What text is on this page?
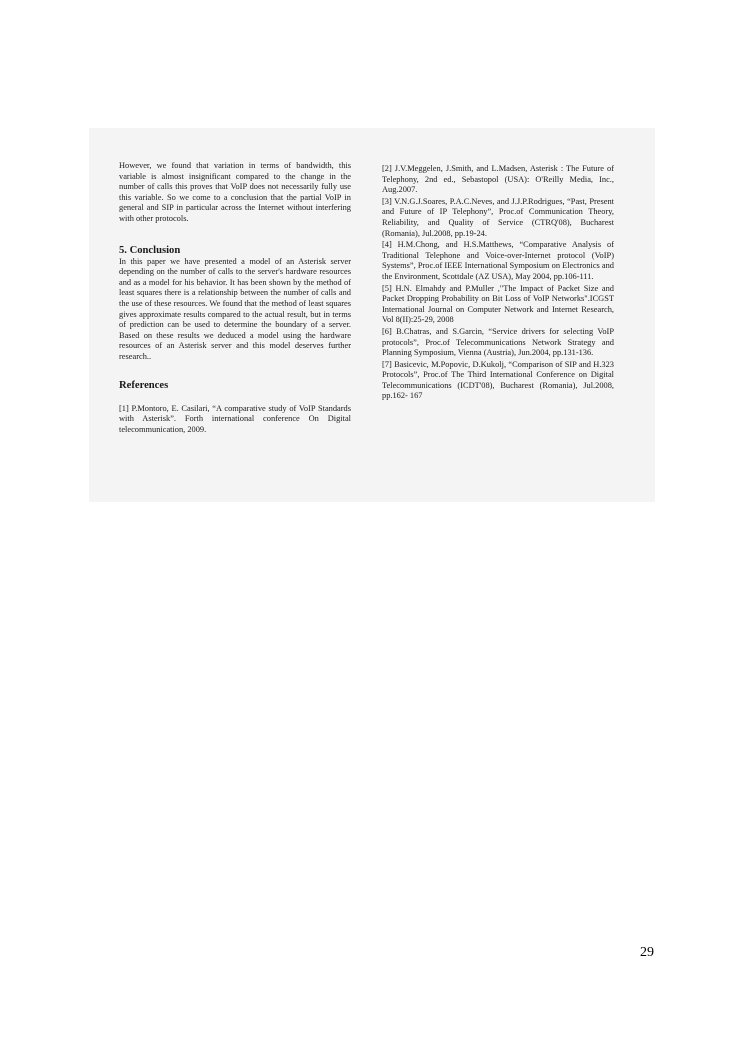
However, we found that variation in terms of bandwidth, this variable is almost insignificant compared to the change in the number of calls this proves that VoIP does not necessarily fully use this variable. So we come to a conclusion that the partial VoIP in general and SIP in particular across the Internet without interfering with other protocols.

5. Conclusion

In this paper we have presented a model of an Asterisk server depending on the number of calls to the server's hardware resources and as a model for his behavior. It has been shown by the method of least squares there is a relationship between the number of calls and the use of these resources. We found that the method of least squares gives approximate results compared to the actual result, but in terms of prediction can be used to determine the boundary of a server. Based on these results we deduced a model using the hardware resources of an Asterisk server and this model deserves further research..

References

[1] P.Montoro, E. Casilari, “A comparative study of VoIP Standards with Asterisk”. Forth international conference On Digital telecommunication, 2009.

[2] J.V.Meggelen, J.Smith, and L.Madsen, Asterisk : The Future of Telephony, 2nd ed., Sebastopol (USA): O'Reilly Media, Inc., Aug.2007.

[3] V.N.G.J.Soares, P.A.C.Neves, and J.J.P.Rodrigues, “Past, Present and Future of IP Telephony”, Proc.of Communication Theory, Reliability, and Quality of Service (CTRQ'08), Bucharest (Romania), Jul.2008, pp.19-24.

[4] H.M.Chong, and H.S.Matthews, “Comparative Analysis of Traditional Telephone and Voice-over-Internet protocol (VoIP) Systems”, Proc.of IEEE International Symposium on Electronics and the Environment, Scottdale (AZ USA), May 2004, pp.106-111.

[5] H.N. Elmahdy and P.Muller ,"The Impact of Packet Size and Packet Dropping Probability on Bit Loss of VoIP Networks".ICGST International Journal on Computer Network and Internet Research, Vol 8(II):25-29, 2008

[6] B.Chatras, and S.Garcin, “Service drivers for selecting VoIP protocols”, Proc.of Telecommunications Network Strategy and Planning Symposium, Vienna (Austria), Jun.2004, pp.131-136.

[7] Basicevic, M.Popovic, D.Kukolj, “Comparison of SIP and H.323 Protocols”, Proc.of The Third International Conference on Digital Telecommunications (ICDT'08), Bucharest (Romania), Jul.2008, pp.162- 167

29
